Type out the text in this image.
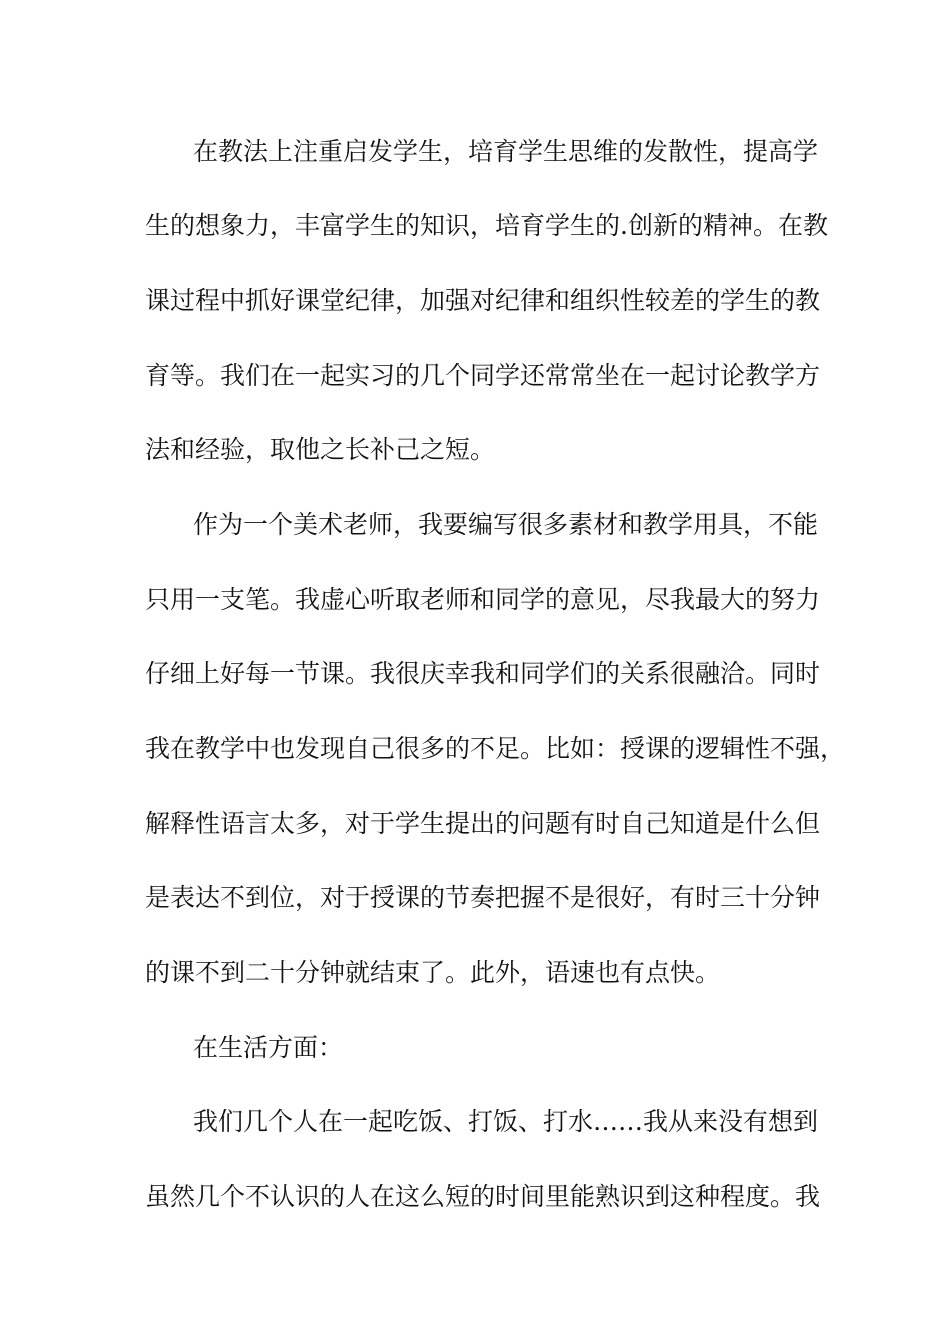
在教法上注重启发学生，培育学生思维的发散性，提高学
生的想象力，丰富学生的知识，培育学生的.创新的精神。在教
课过程中抓好课堂纪律，加强对纪律和组织性较差的学生的教
育等。我们在一起实习的几个同学还常常坐在一起讨论教学方
法和经验，取他之长补己之短。
作为一个美术老师，我要编写很多素材和教学用具，不能
只用一支笔。我虚心听取老师和同学的意见，尽我最大的努力
仔细上好每一节课。我很庆幸我和同学们的关系很融洽。同时
我在教学中也发现自己很多的不足。比如：授课的逻辑性不强，
解释性语言太多，对于学生提出的问题有时自己知道是什么但
是表达不到位，对于授课的节奏把握不是很好，有时三十分钟
的课不到二十分钟就结束了。此外，语速也有点快。
在生活方面：
我们几个人在一起吃饭、打饭、打水……我从来没有想到
虽然几个不认识的人在这么短的时间里能熟识到这种程度。我
